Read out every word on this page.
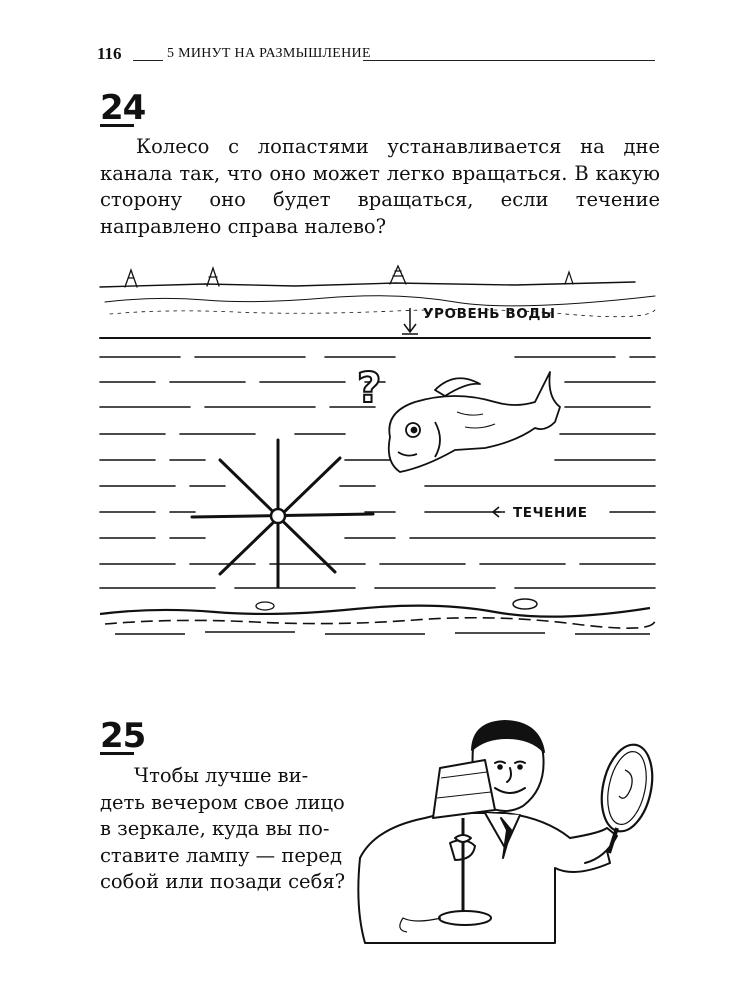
116	5 МИНУТ НА РАЗМЫШЛЕНИЕ
24

Колесо с лопастями устанавливается на дне канала так, что оно может легко вращаться. В какую сторону оно будет вращаться, если течение направлено справа налево?

УРОВЕНЬ ВОДЫ
?
ТЕЧЕНИЕ
25
Чтобы лучше ви-
деть вечером свое лицо
в зеркале, куда вы по-
ставите лампу — перед
собой или позади себя?
